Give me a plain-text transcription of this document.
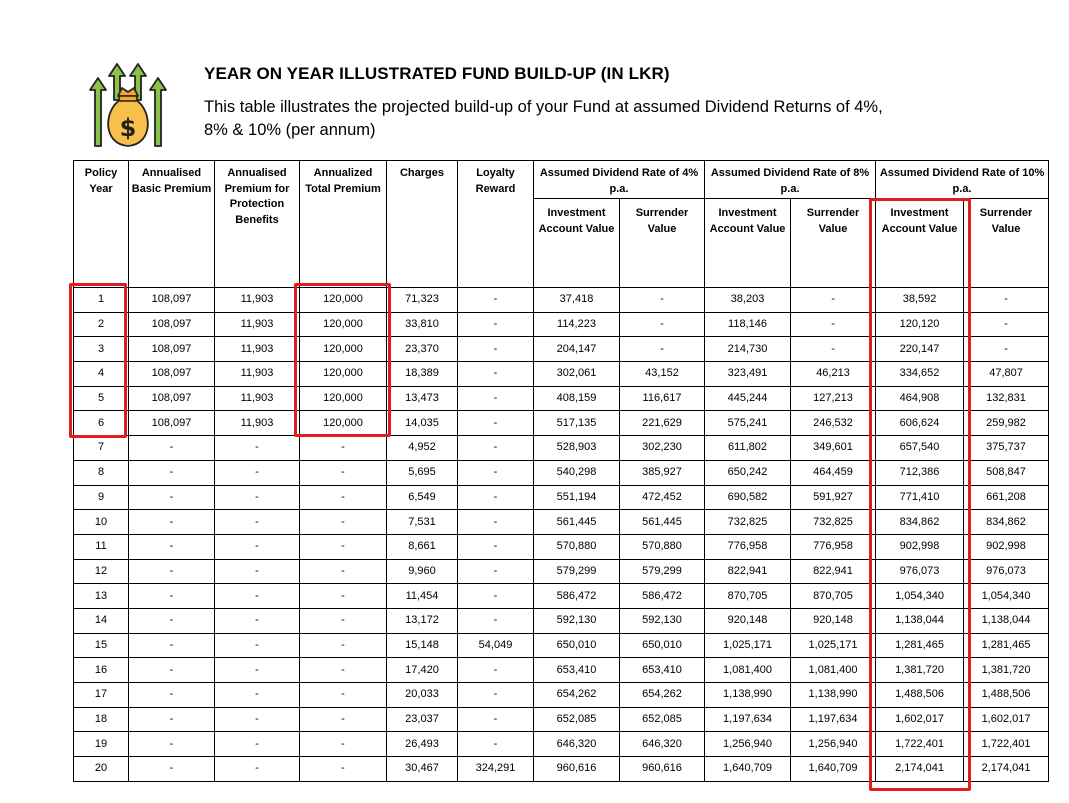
$
YEAR ON YEAR ILLUSTRATED FUND BUILD-UP (IN LKR)
This table illustrates the projected build-up of your Fund at assumed Dividend Returns of 4%, 8% & 10% (per annum)
Policy Year	Annualised Basic Premium	Annualised Premium for Protection Benefits	Annualized Total Premium	Charges	Loyalty Reward	Assumed Dividend Rate of 4% p.a.		Assumed Dividend Rate of 8% p.a.		Assumed Dividend Rate of 10% p.a.	
						Investment Account Value	Surrender Value	Investment Account Value	Surrender Value	Investment Account Value	Surrender Value
1	108,097	11,903	120,000	71,323	-	37,418	-	38,203	-	38,592	-
2	108,097	11,903	120,000	33,810	-	114,223	-	118,146	-	120,120	-
3	108,097	11,903	120,000	23,370	-	204,147	-	214,730	-	220,147	-
4	108,097	11,903	120,000	18,389	-	302,061	43,152	323,491	46,213	334,652	47,807
5	108,097	11,903	120,000	13,473	-	408,159	116,617	445,244	127,213	464,908	132,831
6	108,097	11,903	120,000	14,035	-	517,135	221,629	575,241	246,532	606,624	259,982
7	-	-	-	4,952	-	528,903	302,230	611,802	349,601	657,540	375,737
8	-	-	-	5,695	-	540,298	385,927	650,242	464,459	712,386	508,847
9	-	-	-	6,549	-	551,194	472,452	690,582	591,927	771,410	661,208
10	-	-	-	7,531	-	561,445	561,445	732,825	732,825	834,862	834,862
11	-	-	-	8,661	-	570,880	570,880	776,958	776,958	902,998	902,998
12	-	-	-	9,960	-	579,299	579,299	822,941	822,941	976,073	976,073
13	-	-	-	11,454	-	586,472	586,472	870,705	870,705	1,054,340	1,054,340
14	-	-	-	13,172	-	592,130	592,130	920,148	920,148	1,138,044	1,138,044
15	-	-	-	15,148	54,049	650,010	650,010	1,025,171	1,025,171	1,281,465	1,281,465
16	-	-	-	17,420	-	653,410	653,410	1,081,400	1,081,400	1,381,720	1,381,720
17	-	-	-	20,033	-	654,262	654,262	1,138,990	1,138,990	1,488,506	1,488,506
18	-	-	-	23,037	-	652,085	652,085	1,197,634	1,197,634	1,602,017	1,602,017
19	-	-	-	26,493	-	646,320	646,320	1,256,940	1,256,940	1,722,401	1,722,401
20	-	-	-	30,467	324,291	960,616	960,616	1,640,709	1,640,709	2,174,041	2,174,041
